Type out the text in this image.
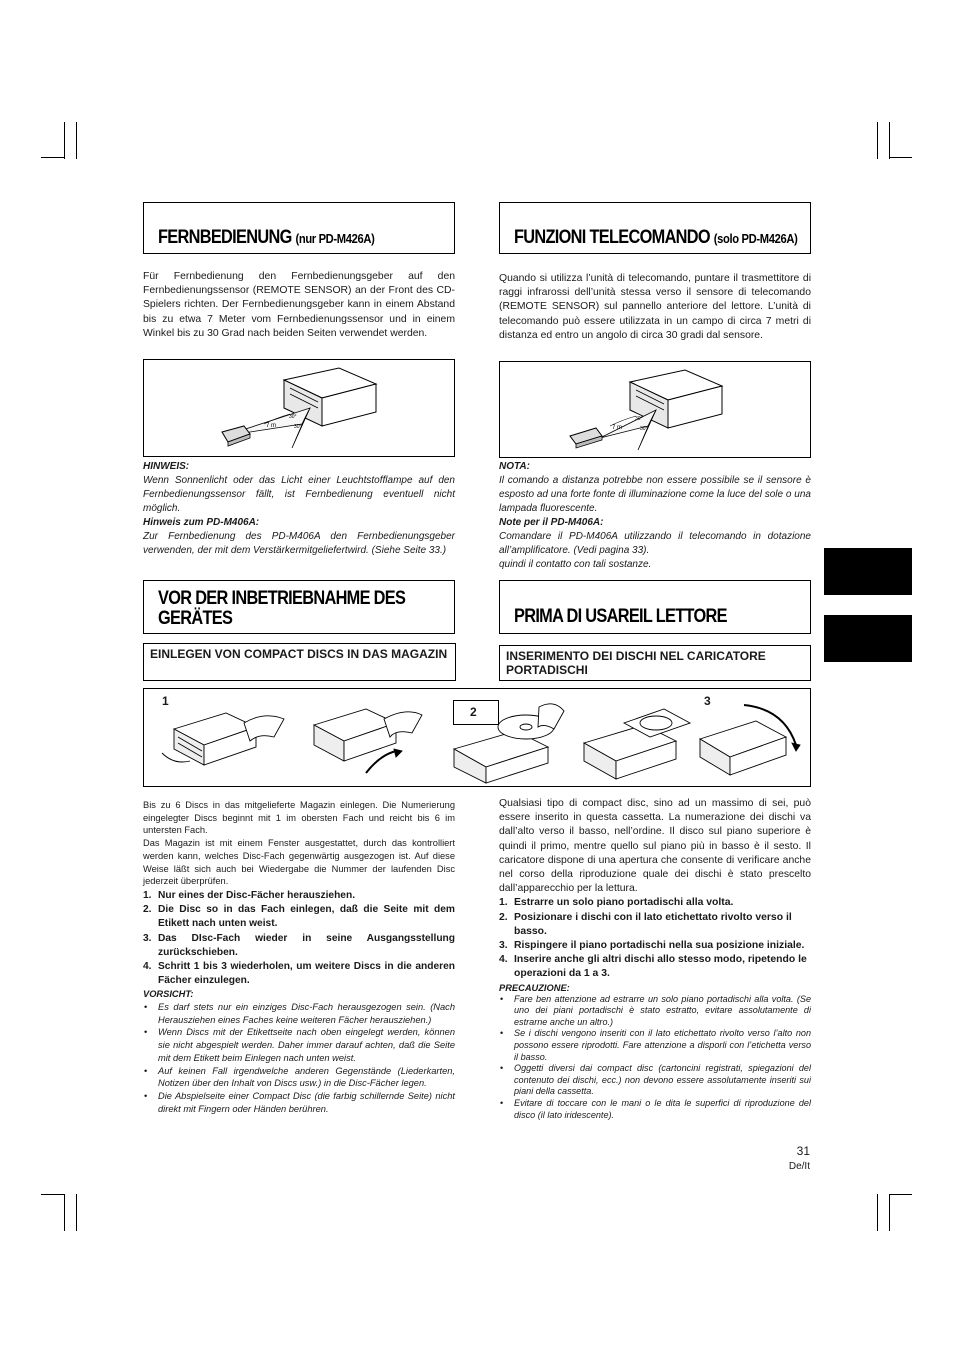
FERNBEDIENUNG (nur PD-M426A)
Für Fernbedienung den Fernbedienungsgeber auf den Fernbedienungssensor (REMOTE SENSOR) an der Front des CD-Spielers richten. Der Fernbedienungsgeber kann in einem Abstand bis zu etwa 7 Meter vom Fernbedienungssensor und in einem Winkel bis zu 30 Grad nach beiden Seiten verwendet werden.
7 m
30°
30°
HINWEIS:
Wenn Sonnenlicht oder das Licht einer Leuchtstofflampe auf den Fernbedienungssensor fällt, ist Fernbedienung eventuell nicht möglich.
Hinweis zum PD-M406A:
Zur Fernbedienung des PD-M406A den Fernbedienungsgeber verwenden, der mit dem Verstärkermitgeliefertwird. (Siehe Seite 33.)
VOR DER INBETRIEBNAHME DES
GERÄTES
EINLEGEN VON COMPACT DISCS IN DAS MAGAZIN
FUNZIONI TELECOMANDO (solo PD-M426A)
Quando si utilizza l’unità di telecomando, puntare il trasmettitore di raggi infrarossi dell’unità stessa verso il sensore di telecomando (REMOTE SENSOR) sul pannello anteriore del lettore. L’unità di telecomando può essere utilizzata in un campo di circa 7 metri di distanza ed entro un angolo di circa 30 gradi dal sensore.
7 m
30°
30°
NOTA:
Il comando a distanza potrebbe non essere possibile se il sensore è esposto ad una forte fonte di illuminazione come la luce del sole o una lampada fluorescente.
Note per il PD-M406A:
Comandare il PD-M406A utilizzando il telecomando in dotazione all’amplificatore. (Vedi pagina 33).
quindi il contatto con tali sostanze.
PRIMA DI USAREIL LETTORE
INSERIMENTO DEI DISCHI NEL CARICATORE PORTADISCHI
1
2
3
Bis zu 6 Discs in das mitgelieferte Magazin einlegen. Die Numerierung eingelegter Discs beginnt mit 1 im obersten Fach und reicht bis 6 im untersten Fach.
Das Magazin ist mit einem Fenster ausgestattet, durch das kontrolliert werden kann, welches Disc-Fach gegenwärtig ausgezogen ist. Auf diese Weise läßt sich auch bei Wiedergabe die Nummer der laufenden Disc jederzeit überprüfen.
1. Nur eines der Disc-Fächer herausziehen.
2. Die Disc so in das Fach einlegen, daß die Seite mit dem Etikett nach unten weist.
3. Das DIsc-Fach wieder in seine Ausgangsstellung zurückschieben.
4. Schritt 1 bis 3 wiederholen, um weitere Discs in die anderen Fächer einzulegen.
VORSICHT:
• Es darf stets nur ein einziges Disc-Fach herausgezogen sein. (Nach Herausziehen eines Faches keine weiteren Fächer herausziehen.)
• Wenn Discs mit der Etikettseite nach oben eingelegt werden, können sie nicht abgespielt werden. Daher immer darauf achten, daß die Seite mit dem Etikett beim Einlegen nach unten weist.
• Auf keinen Fall irgendwelche anderen Gegenstände (Liederkarten, Notizen über den Inhalt von Discs usw.) in die Disc-Fächer legen.
• Die Abspielseite einer Compact Disc (die farbig schillernde Seite) nicht direkt mit Fingern oder Händen berühren.
Qualsiasi tipo di compact disc, sino ad un massimo di sei, può essere inserito in questa cassetta. La numerazione dei dischi va dall’alto verso il basso, nell’ordine. Il disco sul piano superiore è quindi il primo, mentre quello sul piano più in basso è il sesto. Il caricatore dispone di una apertura che consente di verificare anche nel corso della riproduzione quale dei dischi è stato prescelto dall’apparecchio per la lettura.
1. Estrarre un solo piano portadischi alla volta.
2. Posizionare i dischi con il lato etichettato rivolto verso il basso.
3. Rispingere il piano portadischi nella sua posizione iniziale.
4. Inserire anche gli altri dischi allo stesso modo, ripetendo le operazioni da 1 a 3.
PRECAUZIONE:
• Fare ben attenzione ad estrarre un solo piano portadischi alla volta. (Se uno dei piani portadischi è stato estratto, evitare assolutamente di estrarne anche un altro.)
• Se i dischi vengono inseriti con il lato etichettato rivolto verso l’alto non possono essere riprodotti. Fare attenzione a disporli con l’etichetta verso il basso.
• Oggetti diversi dai compact disc (cartoncini registrati, spiegazioni del contenuto dei dischi, ecc.) non devono essere assolutamente inseriti sui piani della cassetta.
• Evitare di toccare con le mani o le dita le superfici di riproduzione del disco (il lato iridescente).
31
De/It
